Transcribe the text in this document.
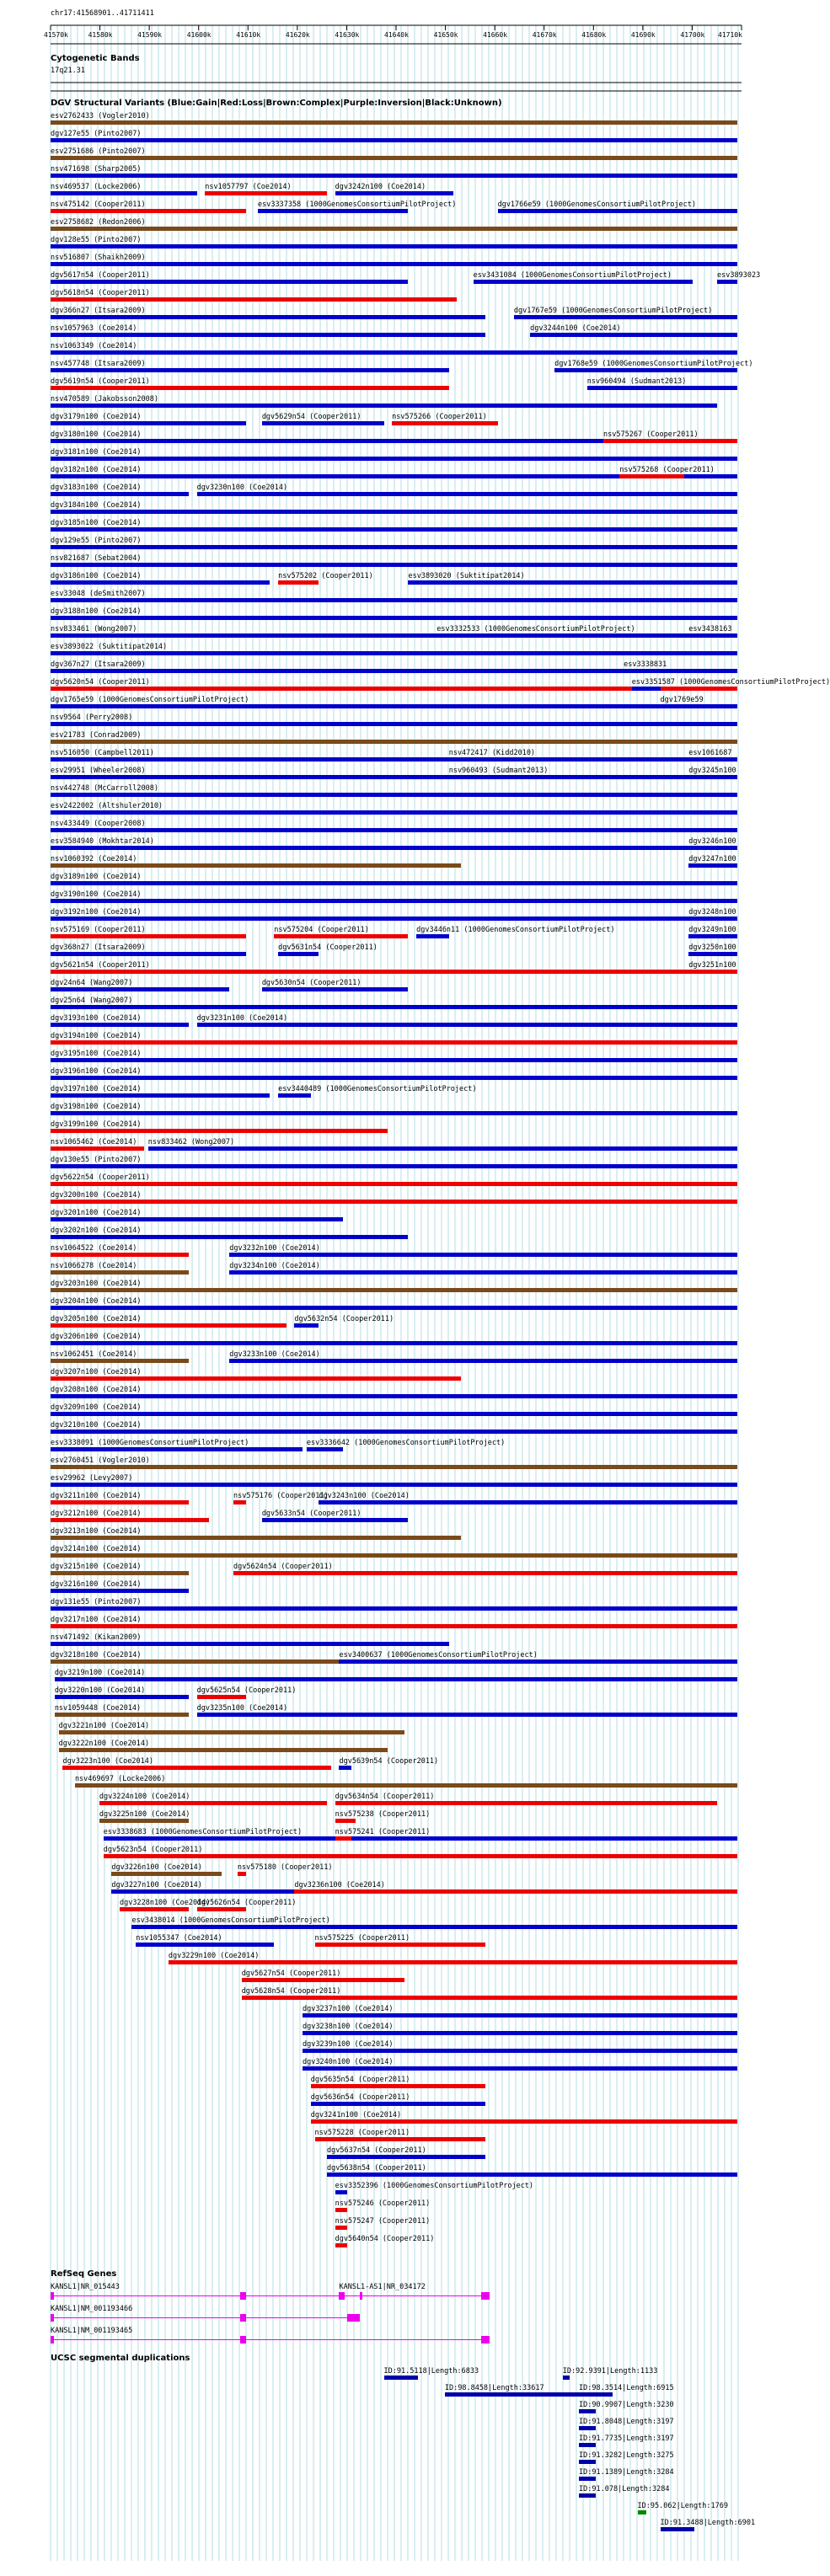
chr17:41568901..41711411
41570k	41580k	41590k	41600k	41610k	41620k	41630k	41640k	41650k	41660k	41670k	41680k	41690k	41700k 41710k
Cytogenetic Bands
17q21.31
DGV Structural Variants (Blue:Gain|Red:Loss|Brown:Complex|Purple:Inversion|Black:Unknown)
esv2762433 (Vogler2010)
dgv127e55 (Pinto2007)
esv2751686 (Pinto2007)
nsv471698 (Sharp2005)
nsv469537 (Locke2006)	nsv1057797 (Coe2014)	dgv3242n100 (Coe2014)
nsv475142 (Cooper2011)	esv3337358 (1000GenomesConsortiumPilotProject)	dgv1766e59 (1000GenomesConsortiumPilotProject)
esv2758682 (Redon2006)
dgv128e55 (Pinto2007)
nsv516807 (Shaikh2009)
dgv5617n54 (Cooper2011)	esv3431084 (1000GenomesConsortiumPilotProject)	esv3893023
dgv5618n54 (Cooper2011)
dgv366n27 (Itsara2009)	dgv1767e59 (1000GenomesConsortiumPilotProject)
nsv1057963 (Coe2014)	dgv3244n100 (Coe2014)
nsv1063349 (Coe2014)
nsv457748 (Itsara2009)	dgv1768e59 (1000GenomesConsortiumPilotProject)
dgv5619n54 (Cooper2011)	nsv960494 (Sudmant2013)
nsv470589 (Jakobsson2008)
dgv3179n100 (Coe2014)	dgv5629n54 (Cooper2011)	nsv575266 (Cooper2011)
dgv3180n100 (Coe2014)	nsv575267 (Cooper2011)
dgv3181n100 (Coe2014)
dgv3182n100 (Coe2014)	nsv575268 (Cooper2011)
dgv3183n100 (Coe2014)	dgv3230n100 (Coe2014)
dgv3184n100 (Coe2014)
dgv3185n100 (Coe2014)
dgv129e55 (Pinto2007)
nsv821687 (Sebat2004)
dgv3186n100 (Coe2014)	nsv575202 (Cooper2011)	esv3893020 (Suktitipat2014)
esv33048 (deSmith2007)
dgv3188n100 (Coe2014)
nsv833461 (Wong2007)	esv3332533 (1000GenomesConsortiumPilotProject)	esv3438163
esv3893022 (Suktitipat2014)
dgv367n27 (Itsara2009)	esv3338831
dgv5620n54 (Cooper2011)	esv3351587 (1000GenomesConsortiumPilotProject)
dgv1765e59 (1000GenomesConsortiumPilotProject)	dgv1769e59
nsv9564 (Perry2008)
esv21783 (Conrad2009)
nsv516050 (Campbell2011)	nsv472417 (Kidd2010)	esv1061687
esv29951 (Wheeler2008)	nsv960493 (Sudmant2013)	dgv3245n100
nsv442748 (McCarroll2008)
esv2422002 (Altshuler2010)
nsv433449 (Cooper2008)
esv3584940 (Mokhtar2014)	dgv3246n100
nsv1060392 (Coe2014)	dgv3247n100
dgv3189n100 (Coe2014)
dgv3190n100 (Coe2014)
dgv3192n100 (Coe2014)	dgv3248n100
nsv575169 (Cooper2011)	nsv575204 (Cooper2011)	dgv3446n11 (1000GenomesConsortiumPilotProject)	dgv3249n100
dgv368n27 (Itsara2009)	dgv5631n54 (Cooper2011)	dgv3250n100
dgv5621n54 (Cooper2011)	dgv3251n100
dgv24n64 (Wang2007)	dgv5630n54 (Cooper2011)
dgv25n64 (Wang2007)
dgv3193n100 (Coe2014)	dgv3231n100 (Coe2014)
dgv3194n100 (Coe2014)
dgv3195n100 (Coe2014)
dgv3196n100 (Coe2014)
dgv3197n100 (Coe2014)	esv3440489 (1000GenomesConsortiumPilotProject)
dgv3198n100 (Coe2014)
dgv3199n100 (Coe2014)
nsv1065462 (Coe2014) nsv833462 (Wong2007)
dgv130e55 (Pinto2007)
dgv5622n54 (Cooper2011)
dgv3200n100 (Coe2014)
dgv3201n100 (Coe2014)
dgv3202n100 (Coe2014)
nsv1064522 (Coe2014)	dgv3232n100 (Coe2014)
nsv1066278 (Coe2014)	dgv3234n100 (Coe2014)
dgv3203n100 (Coe2014)
dgv3204n100 (Coe2014)
dgv3205n100 (Coe2014)	dgv5632n54 (Cooper2011)
dgv3206n100 (Coe2014)
nsv1062451 (Coe2014)	dgv3233n100 (Coe2014)
dgv3207n100 (Coe2014)
dgv3208n100 (Coe2014)
dgv3209n100 (Coe2014)
dgv3210n100 (Coe2014)
esv3338091 (1000GenomesConsortiumPilotProject)	esv3336642 (1000GenomesConsortiumPilotProject)
esv2760451 (Vogler2010)
esv29962 (Levy2007)
dgv3211n100 (Coe2014)	nsv575176 (Cooper2011)
dgv3243n100 (Coe2014)
dgv3212n100 (Coe2014)	dgv5633n54 (Cooper2011)
dgv3213n100 (Coe2014)
dgv3214n100 (Coe2014)
dgv3215n100 (Coe2014)	dgv5624n54 (Cooper2011)
dgv3216n100 (Coe2014)
dgv131e55 (Pinto2007)
dgv3217n100 (Coe2014)
nsv471492 (Kikan2009)
dgv3218n100 (Coe2014)	esv3400637 (1000GenomesConsortiumPilotProject)
dgv3219n100 (Coe2014)
dgv3220n100 (Coe2014)	dgv5625n54 (Cooper2011)
nsv1059448 (Coe2014)	dgv3235n100 (Coe2014)
dgv3221n100 (Coe2014)
dgv3222n100 (Coe2014)
dgv3223n100 (Coe2014)	dgv5639n54 (Cooper2011)
nsv469697 (Locke2006)
dgv3224n100 (Coe2014)	dgv5634n54 (Cooper2011)
dgv3225n100 (Coe2014)	nsv575238 (Cooper2011)
esv3338683 (1000GenomesConsortiumPilotProject)	nsv575241 (Cooper2011)
dgv5623n54 (Cooper2011)
dgv3226n100 (Coe2014)	nsv575180 (Cooper2011)
dgv3227n100 (Coe2014)	dgv3236n100 (Coe2014)
dgv3228n100 (Coe2014)
dgv5626n54 (Cooper2011)
esv3438014 (1000GenomesConsortiumPilotProject)
nsv1055347 (Coe2014)	nsv575225 (Cooper2011)
dgv3229n100 (Coe2014)
dgv5627n54 (Cooper2011)
dgv5628n54 (Cooper2011)
dgv3237n100 (Coe2014)
dgv3238n100 (Coe2014)
dgv3239n100 (Coe2014)
dgv3240n100 (Coe2014)
dgv5635n54 (Cooper2011)
dgv5636n54 (Cooper2011)
dgv3241n100 (Coe2014)
nsv575228 (Cooper2011)
dgv5637n54 (Cooper2011)
dgv5638n54 (Cooper2011)
esv3352396 (1000GenomesConsortiumPilotProject)
nsv575246 (Cooper2011)
nsv575247 (Cooper2011)
dgv5640n54 (Cooper2011)
RefSeq Genes
KANSL1|NR_015443	KANSL1-AS1|NR_034172
KANSL1|NM_001193466
KANSL1|NM_001193465
UCSC segmental duplications
ID:91.5118|Length:6833	ID:92.9391|Length:1133
ID:98.8458|Length:33617	ID:98.3514|Length:6915
ID:90.9907|Length:3230
ID:91.8048|Length:3197
ID:91.7735|Length:3197
ID:91.3282|Length:3275
ID:91.1389|Length:3284
ID:91.078|Length:3284
ID:95.062|Length:1769
ID:91.3488|Length:6901
